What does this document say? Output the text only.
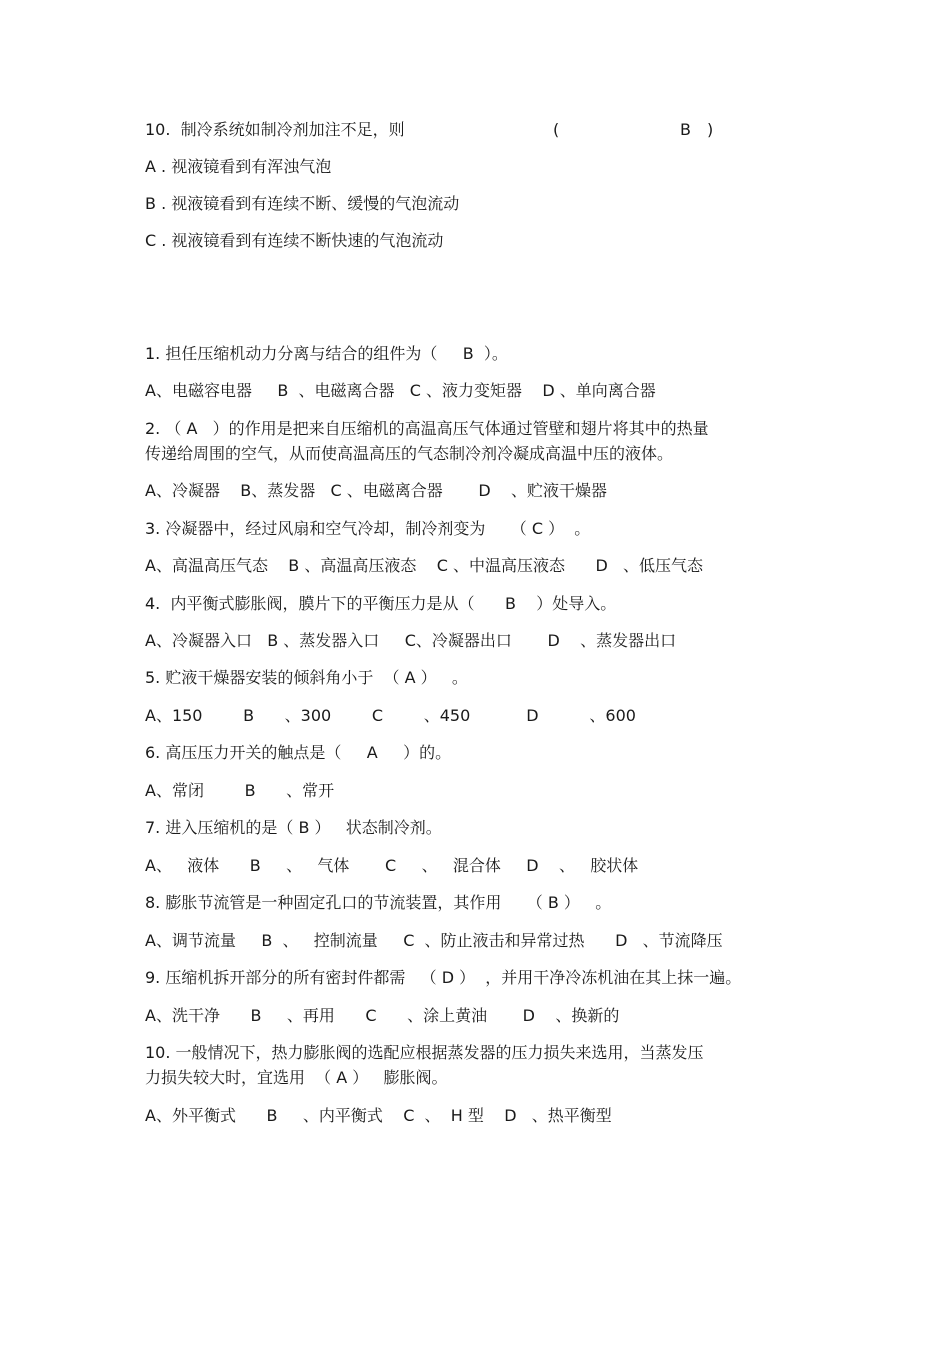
10.  制冷系统如制冷剂加注不足，则	(	B )
A . 视液镜看到有浑浊气泡
B . 视液镜看到有连续不断、缓慢的气泡流动
C . 视液镜看到有连续不断快速的气泡流动
1. 担任压缩机动力分离与结合的组件为（     B  ）。
A、电磁容电器     B  、电磁离合器   C 、液力变矩器    D 、单向离合器
2. （ A   ）的作用是把来自压缩机的高温高压气体通过管壁和翅片将其中的热量
传递给周围的空气，从而使高温高压的气态制冷剂冷凝成高温中压的液体。
A、冷凝器    B、蒸发器   C 、电磁离合器       D    、贮液干燥器
3. 冷凝器中，经过风扇和空气冷却，制冷剂变为     （ C ）  。
A、高温高压气态    B 、高温高压液态    C 、中温高压液态      D   、低压气态
4.  内平衡式膨胀阀，膜片下的平衡压力是从（      B    ）处导入。
A、冷凝器入口   B 、蒸发器入口     C、冷凝器出口       D    、蒸发器出口
5. 贮液干燥器安装的倾斜角小于  （ A ）   。
A、150        B      、300        C        、450           D          、600
6. 高压压力开关的触点是（     A     ）的。
A、常闭        B      、常开
7. 进入压缩机的是（ B ）   状态制冷剂。
A、   液体      B     、   气体       C     、   混合体     D    、   胶状体
8. 膨胀节流管是一种固定孔口的节流装置，其作用     （ B ）   。
A、调节流量     B  、   控制流量     C  、防止液击和异常过热      D   、节流降压
9. 压缩机拆开部分的所有密封件都需   （ D ）  ，并用干净冷冻机油在其上抹一遍。
A、洗干净      B     、再用      C      、涂上黄油       D    、换新的
10. 一般情况下，热力膨胀阀的选配应根据蒸发器的压力损失来选用，当蒸发压
力损失较大时，宜选用  （ A ）   膨胀阀。
A、外平衡式      B     、内平衡式    C  、  H 型    D   、热平衡型
